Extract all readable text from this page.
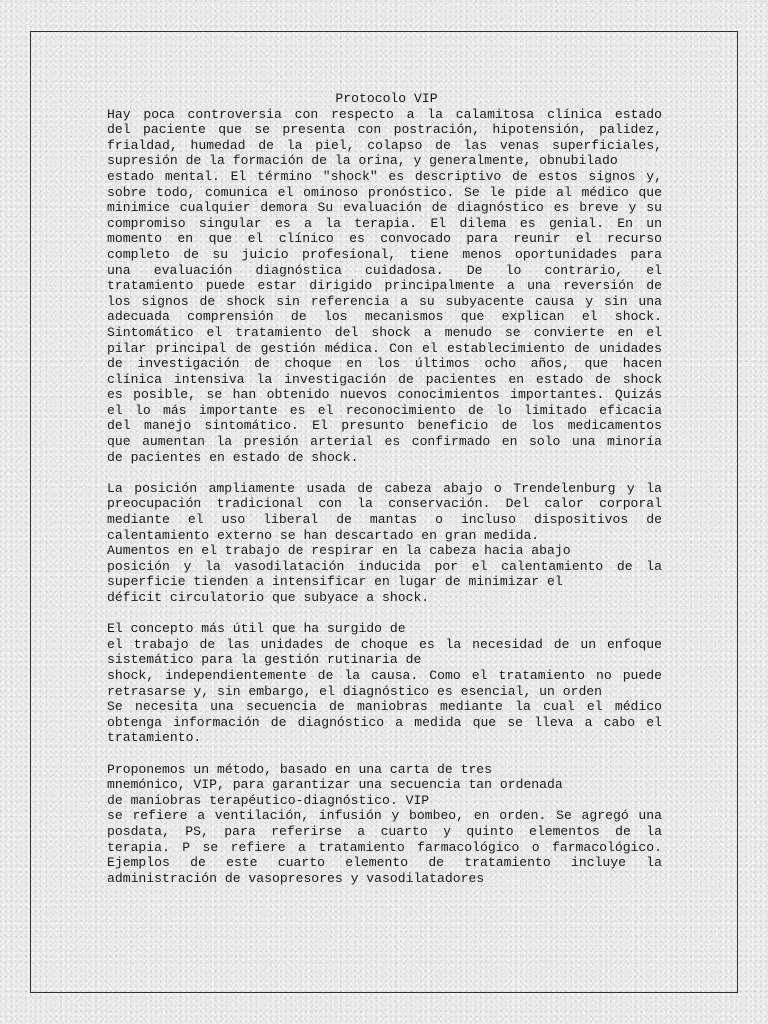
Protocolo VIP
Hay poca controversia con respecto a la calamitosa clínica estado
del paciente que se presenta con postración, hipotensión, palidez,
frialdad, humedad de la piel, colapso de las venas superficiales,
supresión de la formación de la orina, y generalmente, obnubilado
estado mental. El término "shock" es descriptivo de estos signos y,
sobre todo, comunica el ominoso pronóstico. Se le pide al médico que
minimice cualquier demora Su evaluación de diagnóstico es breve y su
compromiso singular es a la terapia. El dilema es genial. En un
momento en que el clínico es convocado para reunir el recurso
completo de su juicio profesional, tiene menos oportunidades para
una evaluación diagnóstica cuidadosa. De lo contrario, el
tratamiento puede estar dirigido principalmente a una reversión de
los signos de shock sin referencia a su subyacente causa y sin una
adecuada comprensión de los mecanismos que explican el shock.
Sintomático el tratamiento del shock a menudo se convierte en el
pilar principal de gestión médica. Con el establecimiento de unidades
de investigación de choque en los últimos ocho años, que hacen
clínica intensiva la investigación de pacientes en estado de shock
es posible, se han obtenido nuevos conocimientos importantes. Quizás
el lo más importante es el reconocimiento de lo limitado eficacia
del manejo sintomático. El presunto beneficio de los medicamentos
que aumentan la presión arterial es confirmado en solo una minoría
de pacientes en estado de shock.
La posición ampliamente usada de cabeza abajo o Trendelenburg y la
preocupación tradicional con la conservación. Del calor corporal
mediante el uso liberal de mantas o incluso dispositivos de
calentamiento externo se han descartado en gran medida.
Aumentos en el trabajo de respirar en la cabeza hacia abajo
posición y la vasodilatación inducida por el calentamiento de la
superficie tienden a intensificar en lugar de minimizar el
déficit circulatorio que subyace a shock.
El concepto más útil que ha surgido de
el trabajo de las unidades de choque es la necesidad de un enfoque
sistemático para la gestión rutinaria de
shock, independientemente de la causa. Como el tratamiento no puede
retrasarse y, sin embargo, el diagnóstico es esencial, un orden
Se necesita una secuencia de maniobras mediante la cual el médico
obtenga información de diagnóstico a medida que se lleva a cabo el
tratamiento.
Proponemos un método, basado en una carta de tres
mnemónico, VIP, para garantizar una secuencia tan ordenada
de maniobras terapéutico-diagnóstico. VIP
se refiere a ventilación, infusión y bombeo, en orden. Se agregó una
posdata, PS, para referirse a cuarto y quinto elementos de la
terapia. P se refiere a tratamiento farmacológico o farmacológico.
Ejemplos de este cuarto elemento de tratamiento incluye la
administración de vasopresores y vasodilatadores
